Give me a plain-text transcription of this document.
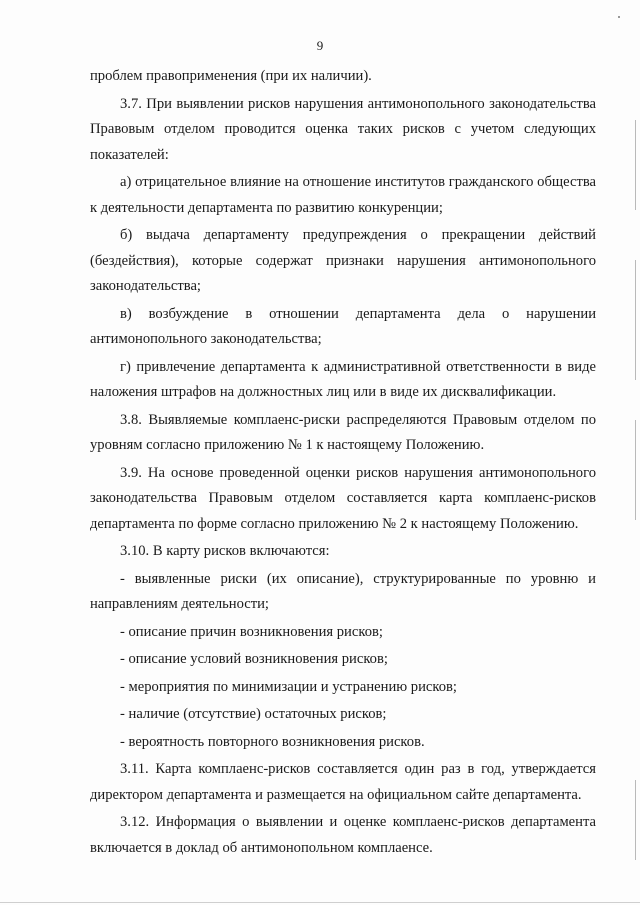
9

проблем правоприменения (при их наличии).

3.7. При выявлении рисков нарушения антимонопольного законодательства Правовым отделом проводится оценка таких рисков с учетом следующих показателей:

а) отрицательное влияние на отношение институтов гражданского общества к деятельности департамента по развитию конкуренции;

б) выдача департаменту предупреждения о прекращении действий (бездействия), которые содержат признаки нарушения антимонопольного законодательства;

в) возбуждение в отношении департамента дела о нарушении антимонопольного законодательства;

г) привлечение департамента к административной ответственности в виде наложения штрафов на должностных лиц или в виде их дисквалификации.

3.8. Выявляемые комплаенс-риски распределяются Правовым отделом по уровням согласно приложению № 1 к настоящему Положению.

3.9. На основе проведенной оценки рисков нарушения антимонопольного законодательства Правовым отделом составляется карта комплаенс-рисков департамента по форме согласно приложению № 2 к настоящему Положению.

3.10. В карту рисков включаются:

- выявленные риски (их описание), структурированные по уровню и направлениям деятельности;

- описание причин возникновения рисков;

- описание условий возникновения рисков;

- мероприятия по минимизации и устранению рисков;

- наличие (отсутствие) остаточных рисков;

- вероятность повторного возникновения рисков.

3.11. Карта комплаенс-рисков составляется один раз в год, утверждается директором департамента и размещается на официальном сайте департамента.

3.12. Информация о выявлении и оценке комплаенс-рисков департамента включается в доклад об антимонопольном комплаенсе.
